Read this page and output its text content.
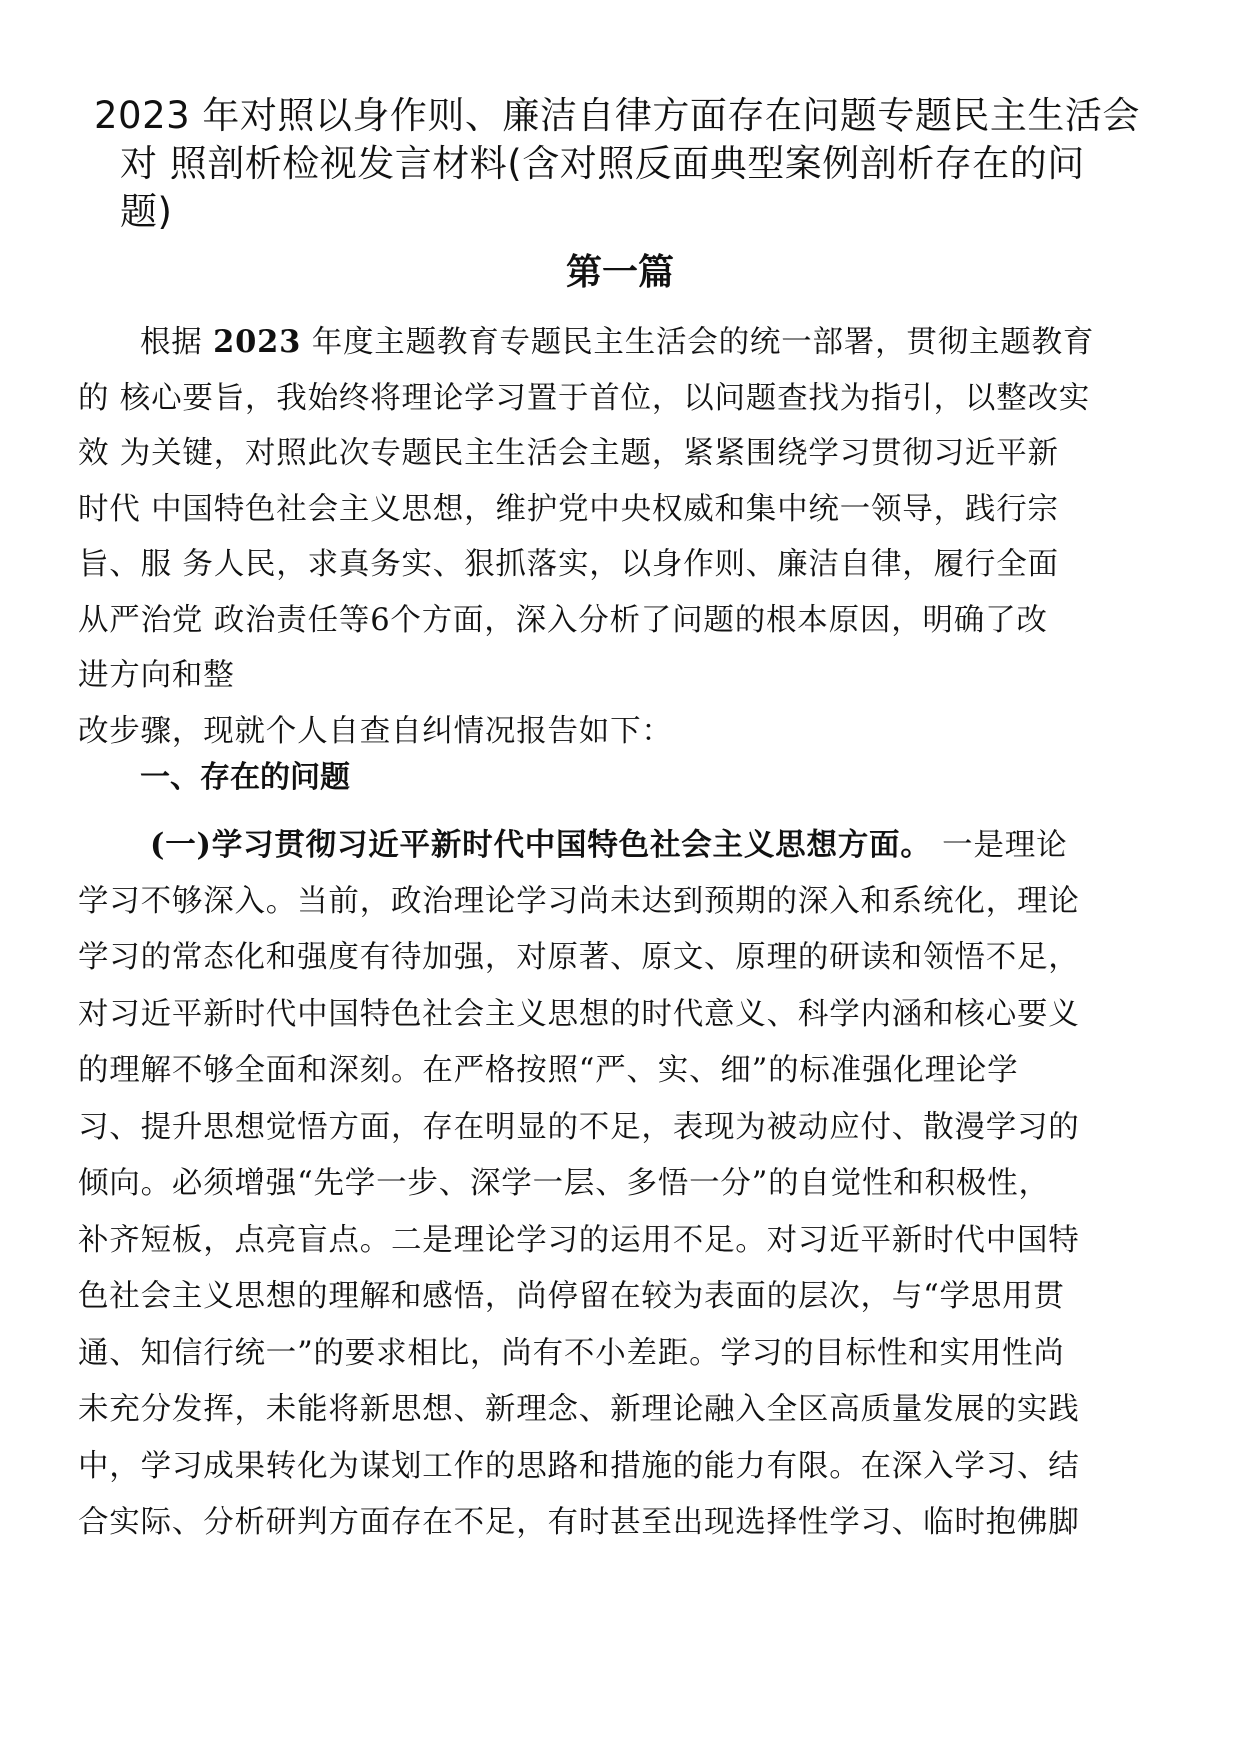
2023 年对照以身作则、廉洁自律方面存在问题专题民主生活会
对 照剖析检视发言材料(含对照反面典型案例剖析存在的问
题)
第一篇
根据 2023 年度主题教育专题民主生活会的统一部署，贯彻主题教育
的 核心要旨，我始终将理论学习置于首位，以问题查找为指引，以整改实
效 为关键，对照此次专题民主生活会主题，紧紧围绕学习贯彻习近平新
时代 中国特色社会主义思想，维护党中央权威和集中统一领导，践行宗
旨、服 务人民，求真务实、狠抓落实，以身作则、廉洁自律，履行全面
从严治党 政治责任等6个方面，深入分析了问题的根本原因，明确了改
进方向和整
改步骤，现就个人自查自纠情况报告如下：
一、存在的问题
(一)学习贯彻习近平新时代中国特色社会主义思想方面。 一是理论
学习不够深入。当前，政治理论学习尚未达到预期的深入和系统化，理论
学习的常态化和强度有待加强，对原著、原文、原理的研读和领悟不足，
对习近平新时代中国特色社会主义思想的时代意义、科学内涵和核心要义
的理解不够全面和深刻。在严格按照“严、实、细”的标准强化理论学
习、提升思想觉悟方面，存在明显的不足，表现为被动应付、散漫学习的
倾向。必须增强“先学一步、深学一层、多悟一分”的自觉性和积极性，
补齐短板，点亮盲点。二是理论学习的运用不足。对习近平新时代中国特
色社会主义思想的理解和感悟，尚停留在较为表面的层次，与“学思用贯
通、知信行统一”的要求相比，尚有不小差距。学习的目标性和实用性尚
未充分发挥，未能将新思想、新理念、新理论融入全区高质量发展的实践
中，学习成果转化为谋划工作的思路和措施的能力有限。在深入学习、结
合实际、分析研判方面存在不足，有时甚至出现选择性学习、临时抱佛脚
